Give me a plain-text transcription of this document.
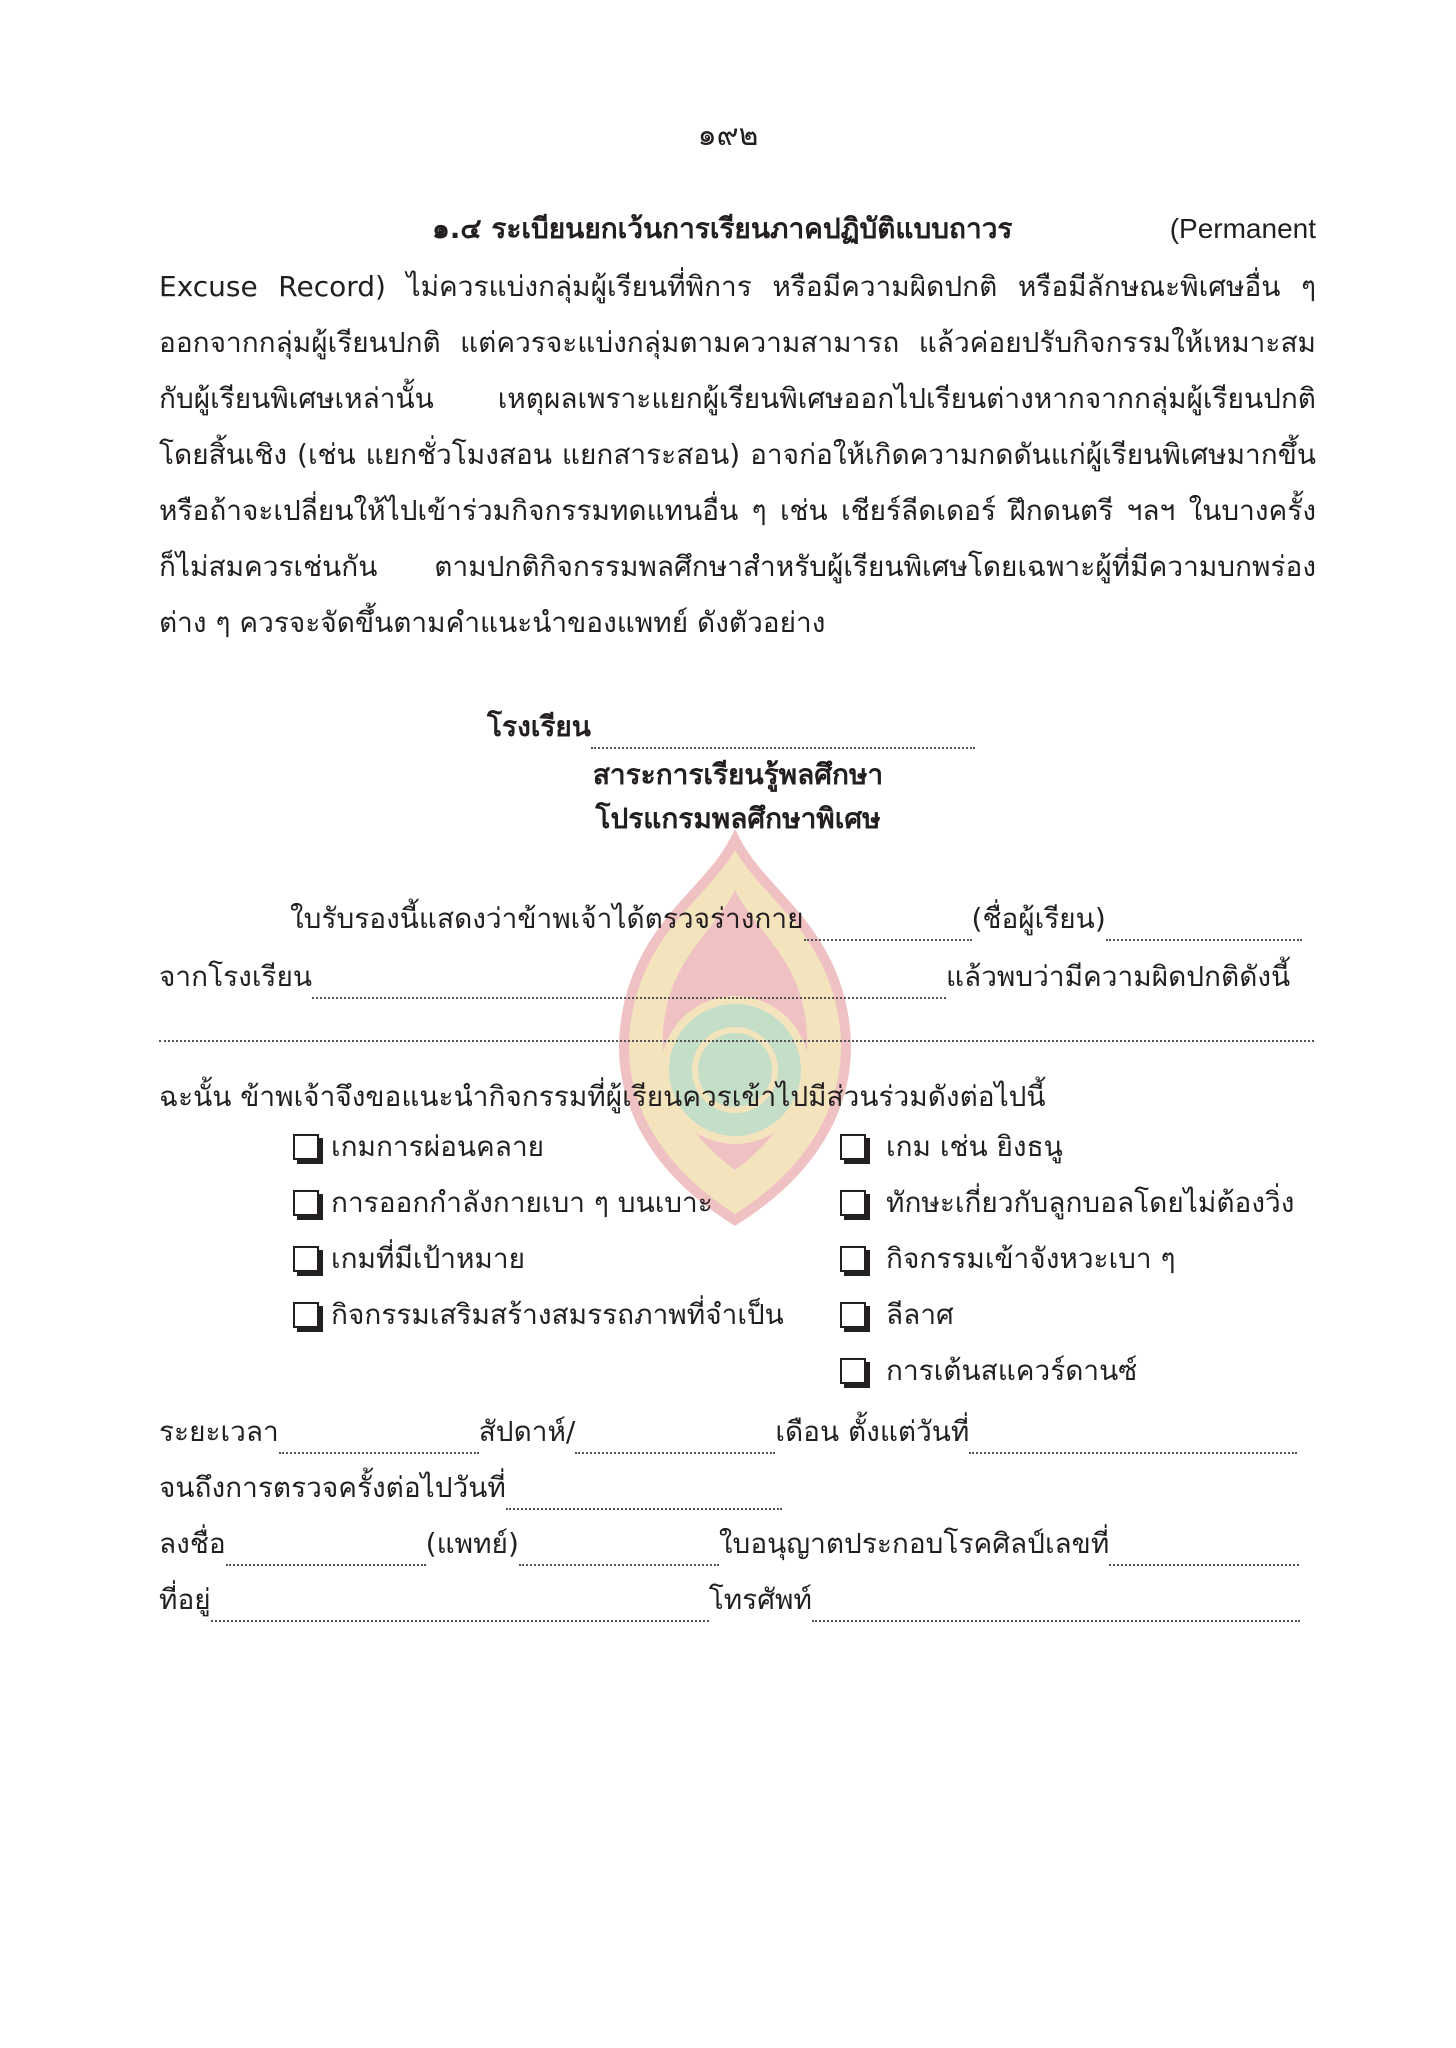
๑๙๒
๑.๔ ระเบียนยกเว้นการเรียนภาคปฏิบัติแบบถาวร	(Permanent
Excuse Record) ไม่ควรแบ่งกลุ่มผู้เรียนที่พิการ หรือมีความผิดปกติ หรือมีลักษณะพิเศษอื่น ๆ
ออกจากกลุ่มผู้เรียนปกติ แต่ควรจะแบ่งกลุ่มตามความสามารถ แล้วค่อยปรับกิจกรรมให้เหมาะสม
กับผู้เรียนพิเศษเหล่านั้น เหตุผลเพราะแยกผู้เรียนพิเศษออกไปเรียนต่างหากจากกลุ่มผู้เรียนปกติ
โดยสิ้นเชิง (เช่น แยกชั่วโมงสอน แยกสาระสอน) อาจก่อให้เกิดความกดดันแก่ผู้เรียนพิเศษมากขึ้น
หรือถ้าจะเปลี่ยนให้ไปเข้าร่วมกิจกรรมทดแทนอื่น ๆ เช่น เชียร์ลีดเดอร์ ฝึกดนตรี ฯลฯ ในบางครั้ง
ก็ไม่สมควรเช่นกัน ตามปกติกิจกรรมพลศึกษาสำหรับผู้เรียนพิเศษโดยเฉพาะผู้ที่มีความบกพร่อง
ต่าง ๆ ควรจะจัดขึ้นตามคำแนะนำของแพทย์ ดังตัวอย่าง
โรงเรียน
สาระการเรียนรู้พลศึกษา
โปรแกรมพลศึกษาพิเศษ
ใบรับรองนี้แสดงว่าข้าพเจ้าได้ตรวจร่างกาย	(ชื่อผู้เรียน)
จากโรงเรียน	แล้วพบว่ามีความผิดปกติดังนี้
ฉะนั้น ข้าพเจ้าจึงขอแนะนำกิจกรรมที่ผู้เรียนควรเข้าไปมีส่วนร่วมดังต่อไปนี้
เกมการผ่อนคลาย
การออกกำลังกายเบา ๆ บนเบาะ
เกมที่มีเป้าหมาย
กิจกรรมเสริมสร้างสมรรถภาพที่จำเป็น
เกม เช่น ยิงธนู
ทักษะเกี่ยวกับลูกบอลโดยไม่ต้องวิ่ง
กิจกรรมเข้าจังหวะเบา ๆ
ลีลาศ
การเต้นสแควร์ดานซ์
ระยะเวลา	สัปดาห์/	เดือน ตั้งแต่วันที่
จนถึงการตรวจครั้งต่อไปวันที่
ลงชื่อ	(แพทย์)	ใบอนุญาตประกอบโรคศิลป์เลขที่
ที่อยู่	โทรศัพท์
